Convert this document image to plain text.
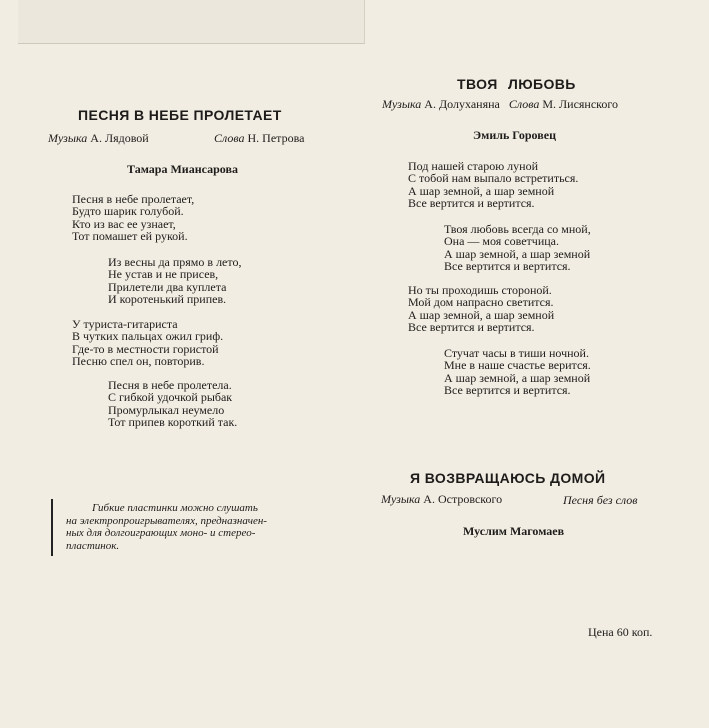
ПЕСНЯ В НЕБЕ ПРОЛЕТАЕТ
Музыка А. Лядовой	Слова Н. Петрова
Тамара Миансарова
Песня в небе пролетает,
Будто шарик голубой.
Кто из вас ее узнает,
Тот помашет ей рукой.
Из весны да прямо в лето,
Не устав и не присев,
Прилетели два куплета
И коротенький припев.
У туриста-гитариста
В чутких пальцах ожил гриф.
Где-то в местности гористой
Песню спел он, повторив.
Песня в небе пролетела.
С гибкой удочкой рыбак
Промурлыкал неумело
Тот припев короткий так.
Гибкие пластинки можно слушать
на электропроигрывателях, предназначен-
ных для долгоиграющих моно- и стерео-
пластинок.
ТВОЯ ЛЮБОВЬ
Музыка А. Долуханяна Слова М. Лисянского
Эмиль Горовец
Под нашей старою луной
С тобой нам выпало встретиться.
А шар земной, а шар земной
Все вертится и вертится.
Твоя любовь всегда со мной,
Она — моя советчица.
А шар земной, а шар земной
Все вертится и вертится.
Но ты проходишь стороной.
Мой дом напрасно светится.
А шар земной, а шар земной
Все вертится и вертится.
Стучат часы в тиши ночной.
Мне в наше счастье верится.
А шар земной, а шар земной
Все вертится и вертится.
Я ВОЗВРАЩАЮСЬ ДОМОЙ
Музыка А. Островского	Песня без слов
Муслим Магомаев
Цена 60 коп.
